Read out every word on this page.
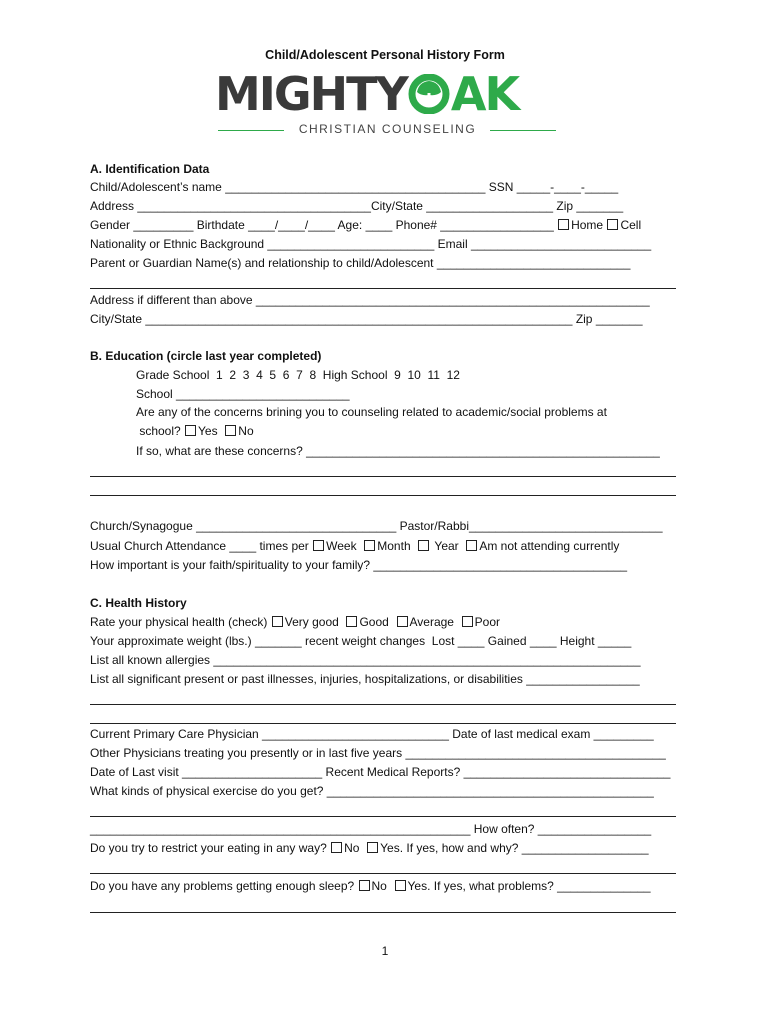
Child/Adolescent Personal History Form
MIGHTY AK
CHRISTIAN COUNSELING
A. Identification Data
Child/Adolescent’s name _______________________________________ SSN _____-____-_____
Address ___________________________________City/State ___________________ Zip _______
Gender _________ Birthdate ____/____/____ Age: ____ Phone# _________________ Home Cell
Nationality or Ethnic Background _________________________ Email ___________________________
Parent or Guardian Name(s) and relationship to child/Adolescent _____________________________
Address if different than above ___________________________________________________________
City/State ________________________________________________________________ Zip _______
B. Education (circle last year completed)
Grade School  1  2  3  4  5  6  7  8  High School  9  10  11  12
School __________________________
Are any of the concerns brining you to counseling related to academic/social problems at
school? Yes  No
If so, what are these concerns? _____________________________________________________
Church/Synagogue ______________________________ Pastor/Rabbi_____________________________
Usual Church Attendance ____ times per Week  Month   Year  Am not attending currently
How important is your faith/spirituality to your family? ______________________________________
C. Health History
Rate your physical health (check) Very good  Good  Average  Poor
Your approximate weight (lbs.) _______ recent weight changes  Lost ____ Gained ____ Height _____
List all known allergies ________________________________________________________________
List all significant present or past illnesses, injuries, hospitalizations, or disabilities _________________
Current Primary Care Physician ____________________________ Date of last medical exam _________
Other Physicians treating you presently or in last five years _______________________________________
Date of Last visit _____________________ Recent Medical Reports? _______________________________
What kinds of physical exercise do you get? _________________________________________________
_________________________________________________________ How often? _________________
Do you try to restrict your eating in any way? No  Yes. If yes, how and why? ___________________
Do you have any problems getting enough sleep? No  Yes. If yes, what problems? ______________
1
